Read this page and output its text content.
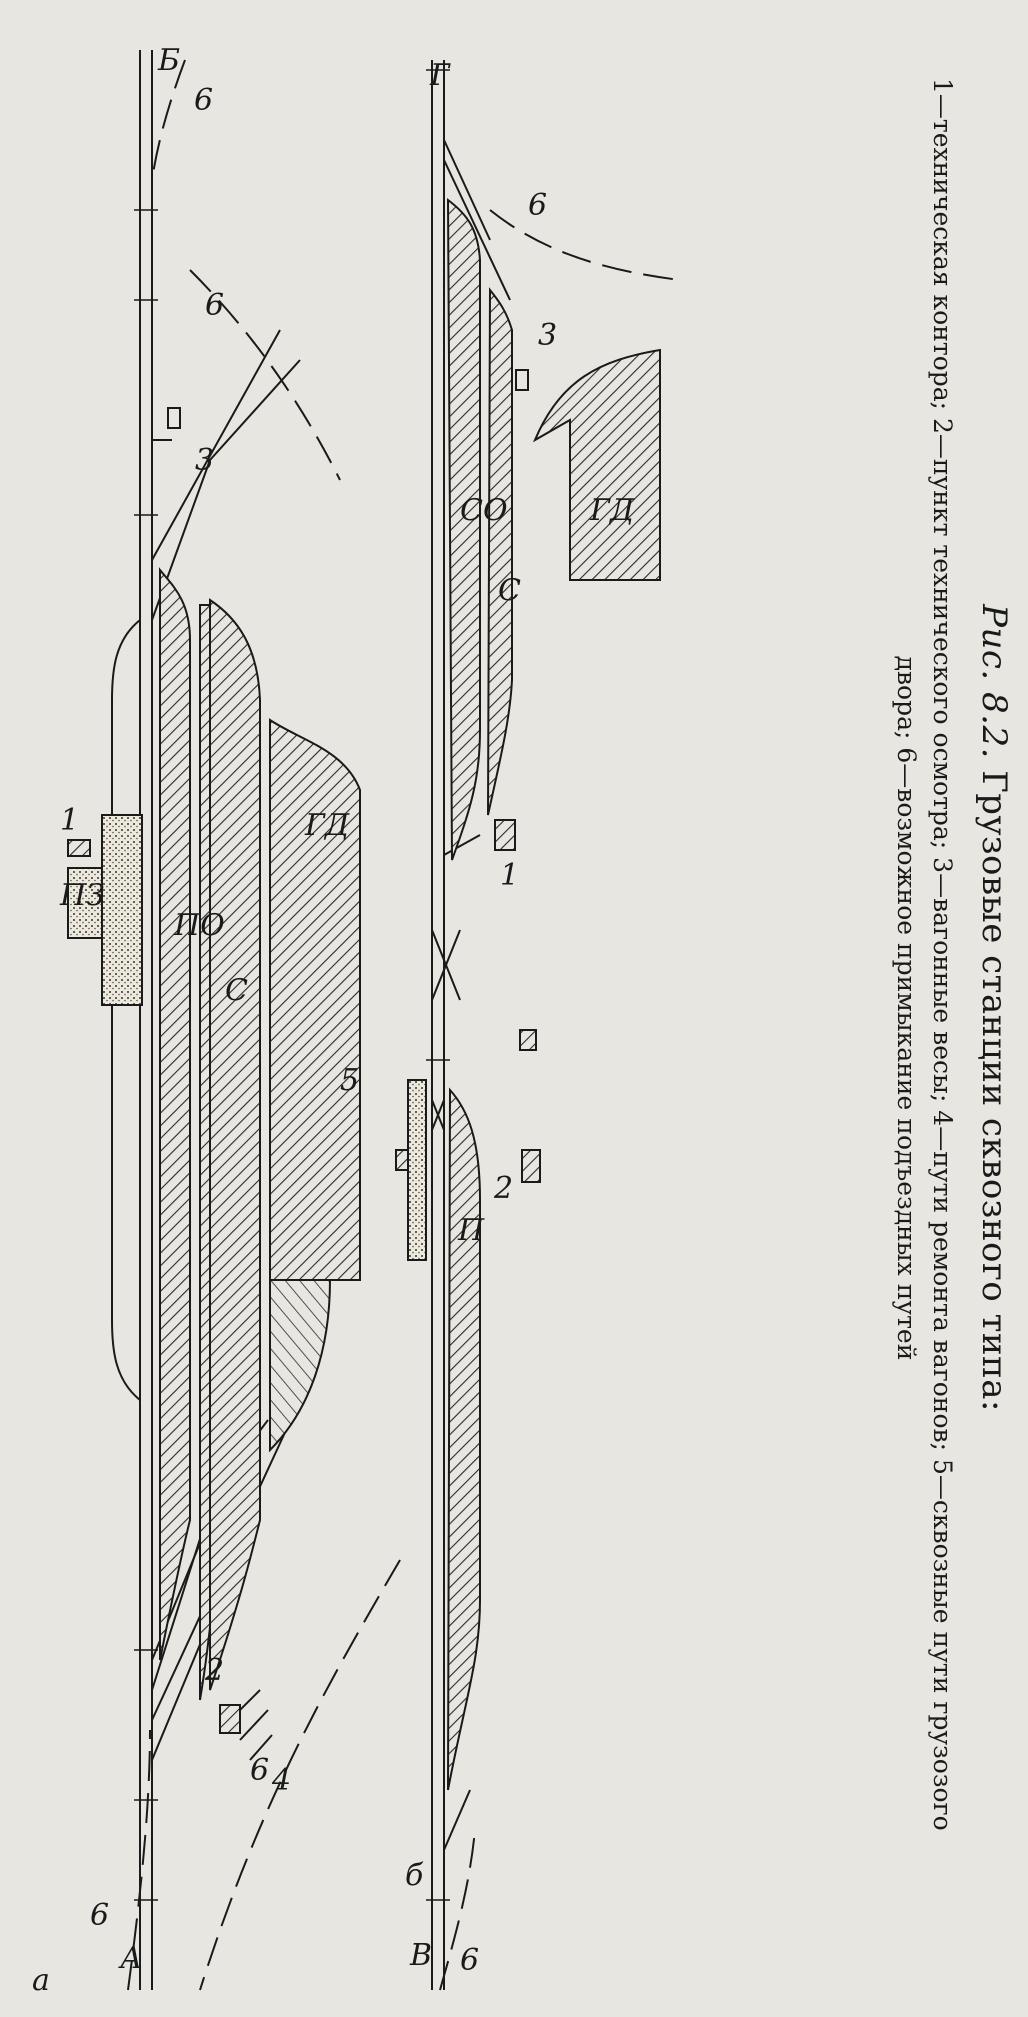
а
А
Б
ПО
С
ГД
ПЗ
1
2
3
4
5
6
6
6
6
б
В
Г
П
СО
С
ГД
1
2
3
6
6
Рис. 8.2. Грузовые станции сквозного типа:
1—техническая контора; 2—пункт технического осмотра; 3—вагонные весы; 4—пути ремонта вагонов; 5—сквозные пути грузозого
двора; 6—возможное примыкание подъездных путей
